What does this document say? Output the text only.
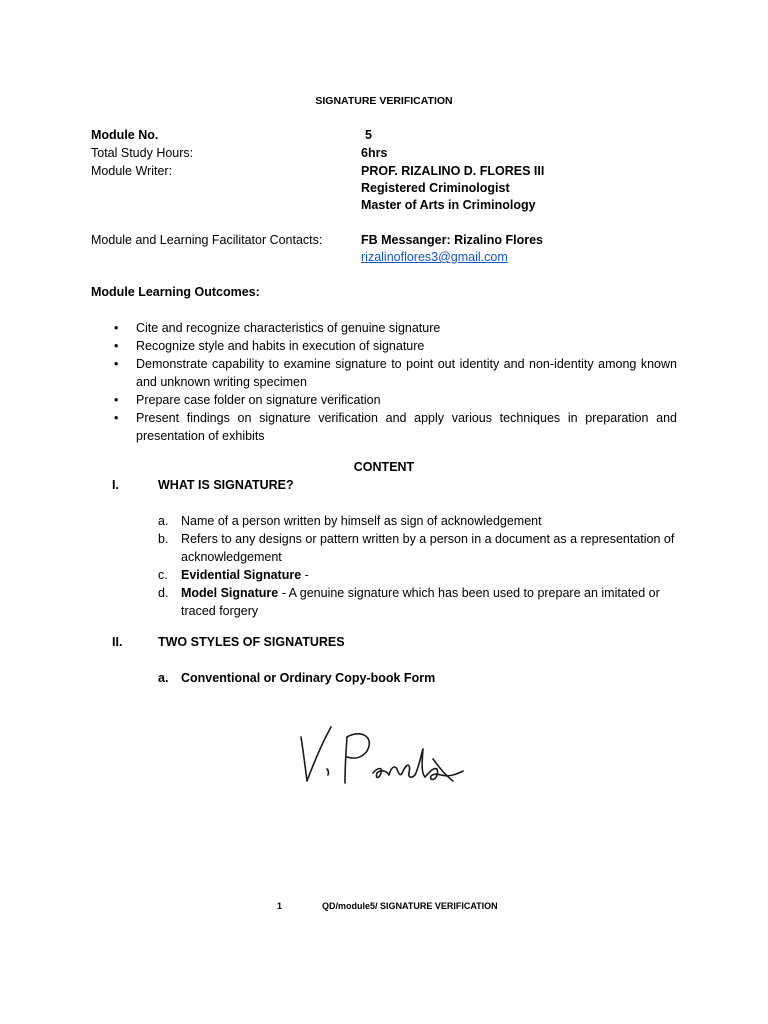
SIGNATURE VERIFICATION
Module No.	5
Total Study Hours:	6hrs
Module Writer:	PROF. RIZALINO D. FLORES III
Registered Criminologist
Master of Arts in Criminology
Module and Learning Facilitator Contacts:	FB Messanger: Rizalino Flores
rizalinoflores3@gmail.com
Module Learning Outcomes:
• Cite and recognize characteristics of genuine signature
• Recognize style and habits in execution of signature
• Demonstrate capability to examine signature to point out identity and non-identity among known and unknown writing specimen
• Prepare case folder on signature verification
• Present findings on signature verification and apply various techniques in preparation and presentation of exhibits
CONTENT
I.	WHAT IS SIGNATURE?
a. Name of a person written by himself as sign of acknowledgement
b. Refers to any designs or pattern written by a person in a document as a representation of acknowledgement
c. Evidential Signature -
d. Model Signature - A genuine signature which has been used to prepare an imitated or traced forgery
II.	TWO STYLES OF SIGNATURES
a. Conventional or Ordinary Copy-book Form
1	QD/module5/ SIGNATURE VERIFICATION
